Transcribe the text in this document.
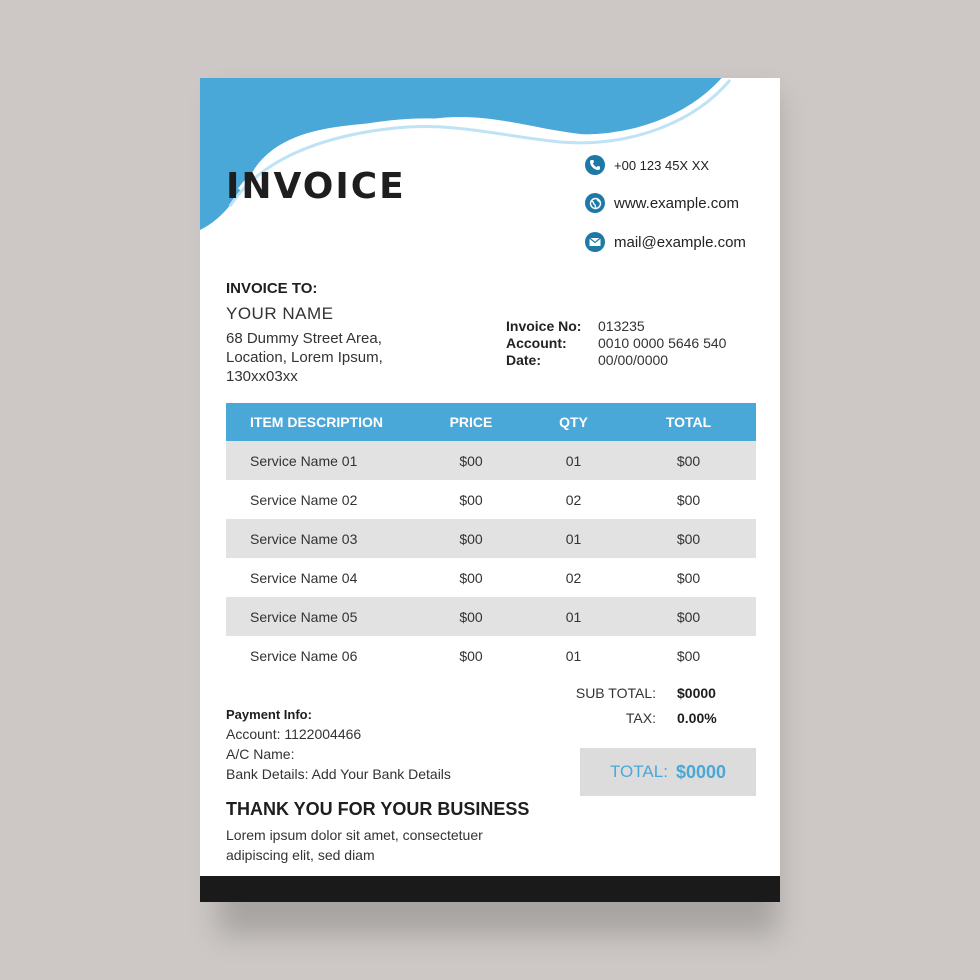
INVOICE
+00 123 45X XX
www.example.com
mail@example.com
INVOICE TO:
YOUR NAME
68 Dummy Street Area, Location, Lorem Ipsum, 130xx03xx
Invoice No:	013235
Account:	0010 0000 5646 540
Date:	00/00/0000
ITEM DESCRIPTION	PRICE	QTY	TOTAL
Service Name 01	$00	01	$00
Service Name 02	$00	02	$00
Service Name 03	$00	01	$00
Service Name 04	$00	02	$00
Service Name 05	$00	01	$00
Service Name 06	$00	01	$00
SUB TOTAL: $0000
TAX: 0.00%
TOTAL: $0000
Payment Info:
Account: 1122004466
A/C Name:
Bank Details: Add Your Bank Details
THANK YOU FOR YOUR BUSINESS
Lorem ipsum dolor sit amet, consectetuer adipiscing elit, sed diam
